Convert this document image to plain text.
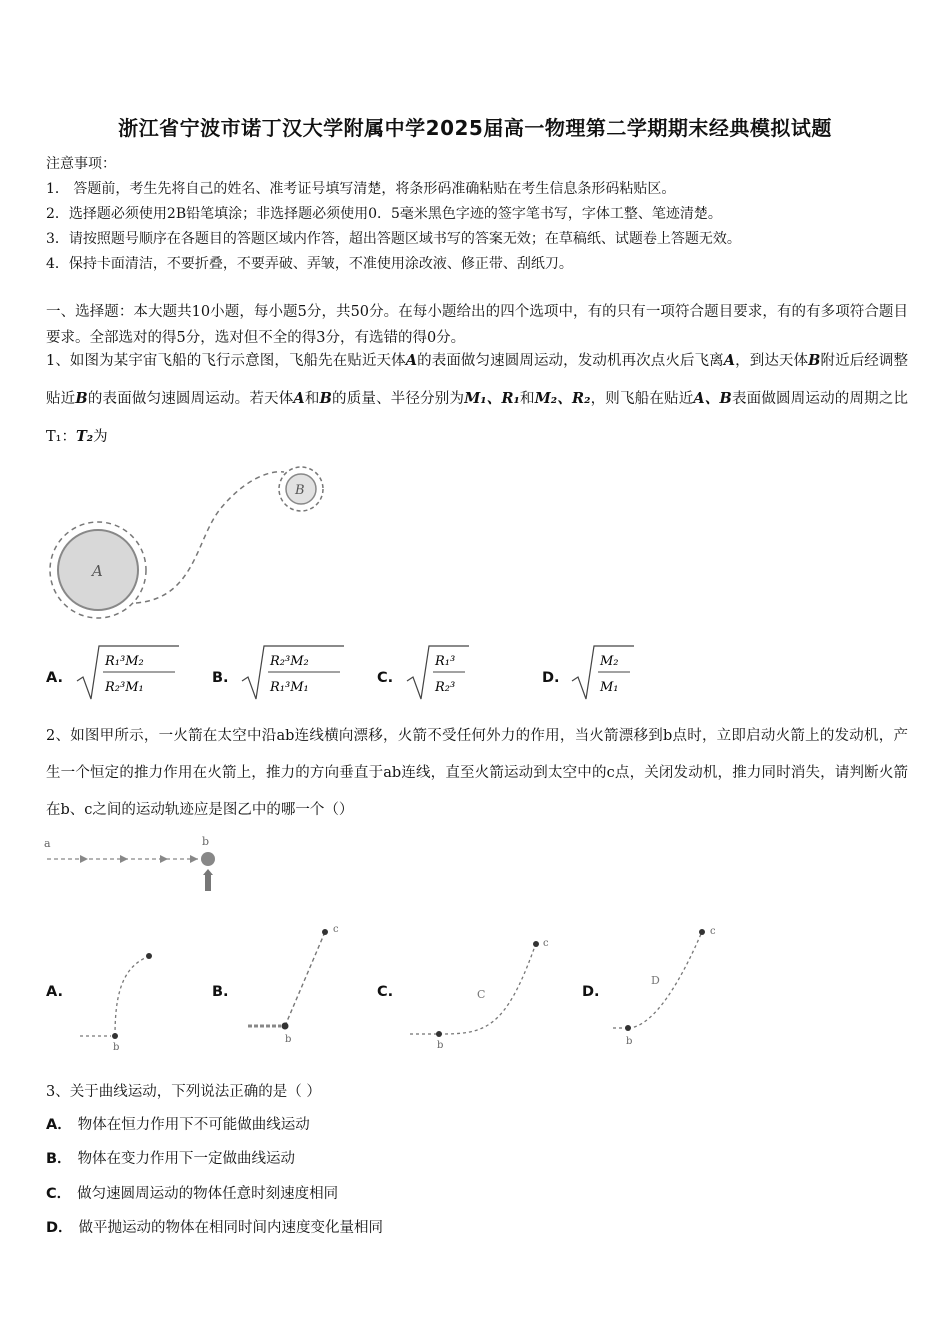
浙江省宁波市诺丁汉大学附属中学2025届高一物理第二学期期末经典模拟试题
注意事项：
1． 答题前，考生先将自己的姓名、准考证号填写清楚，将条形码准确粘贴在考生信息条形码粘贴区。
2．选择题必须使用2B铅笔填涂；非选择题必须使用0．5毫米黑色字迹的签字笔书写，字体工整、笔迹清楚。
3．请按照题号顺序在各题目的答题区域内作答，超出答题区域书写的答案无效；在草稿纸、试题卷上答题无效。
4．保持卡面清洁，不要折叠，不要弄破、弄皱，不准使用涂改液、修正带、刮纸刀。
一、选择题：本大题共10小题，每小题5分，共50分。在每小题给出的四个选项中，有的只有一项符合题目要求，有的有多项符合题目要求。全部选对的得5分，选对但不全的得3分，有选错的得0分。
1、如图为某宇宙飞船的飞行示意图，飞船先在贴近天体A的表面做匀速圆周运动，发动机再次点火后飞离A，到达天体B附近后经调整贴近B的表面做匀速圆周运动。若天体A和B的质量、半径分别为M₁、R₁和M₂、R₂，则飞船在贴近A、B表面做圆周运动的周期之比T₁：T₂为
A
B
A.
R₁³M₂
R₂³M₁
B.
R₂³M₂
R₁³M₁
C.
R₁³
R₂³
D.
M₂
M₁
2、如图甲所示，一火箭在太空中沿ab连线横向漂移，火箭不受任何外力的作用，当火箭漂移到b点时，立即启动火箭上的发动机，产生一个恒定的推力作用在火箭上，推力的方向垂直于ab连线，直至火箭运动到太空中的c点，关闭发动机，推力同时消失，请判断火箭在b、c之间的运动轨迹应是图乙中的哪一个（）
a	b
A.
b
B.
b
c
C.	C
b
c
D.
D
b
c
3、关于曲线运动，下列说法正确的是（ ）
A． 物体在恒力作用下不可能做曲线运动
B． 物体在变力作用下一定做曲线运动
C． 做匀速圆周运动的物体任意时刻速度相同
D． 做平抛运动的物体在相同时间内速度变化量相同
